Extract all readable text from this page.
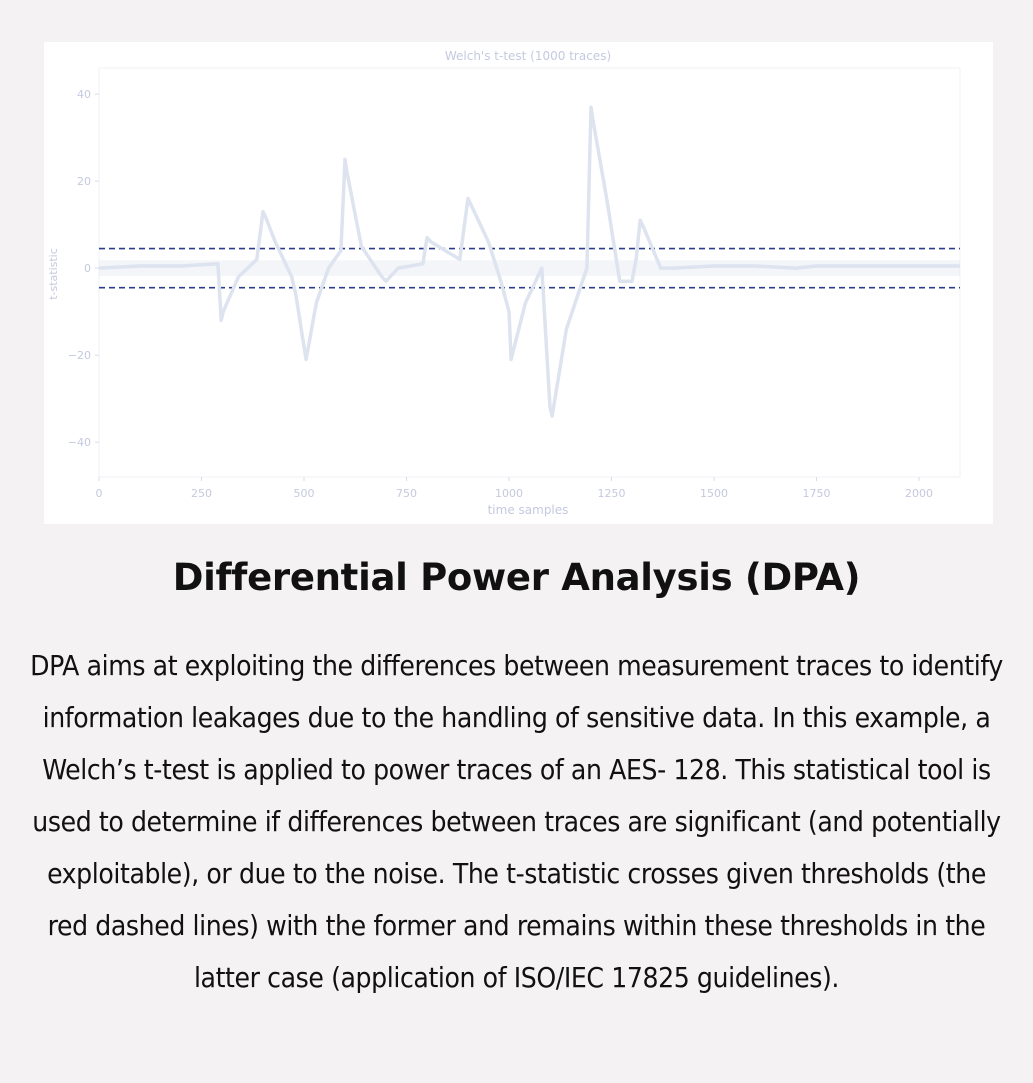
Welch's t-test (1000 traces)
40
20
0
−20
−40
0	250	500	750	1000	1250	1500	1750	2000
time samples
t-statistic
Differential Power Analysis (DPA)
DPA aims at exploiting the differences between measurement traces to identify information leakages due to the handling of sensitive data. In this example, a Welch’s t-test is applied to power traces of an AES- 128. This statistical tool is used to determine if differences between traces are significant (and potentially exploitable), or due to the noise. The t-statistic crosses given thresholds (the red dashed lines) with the former and remains within these thresholds in the latter case (application of ISO/IEC 17825 guidelines).
